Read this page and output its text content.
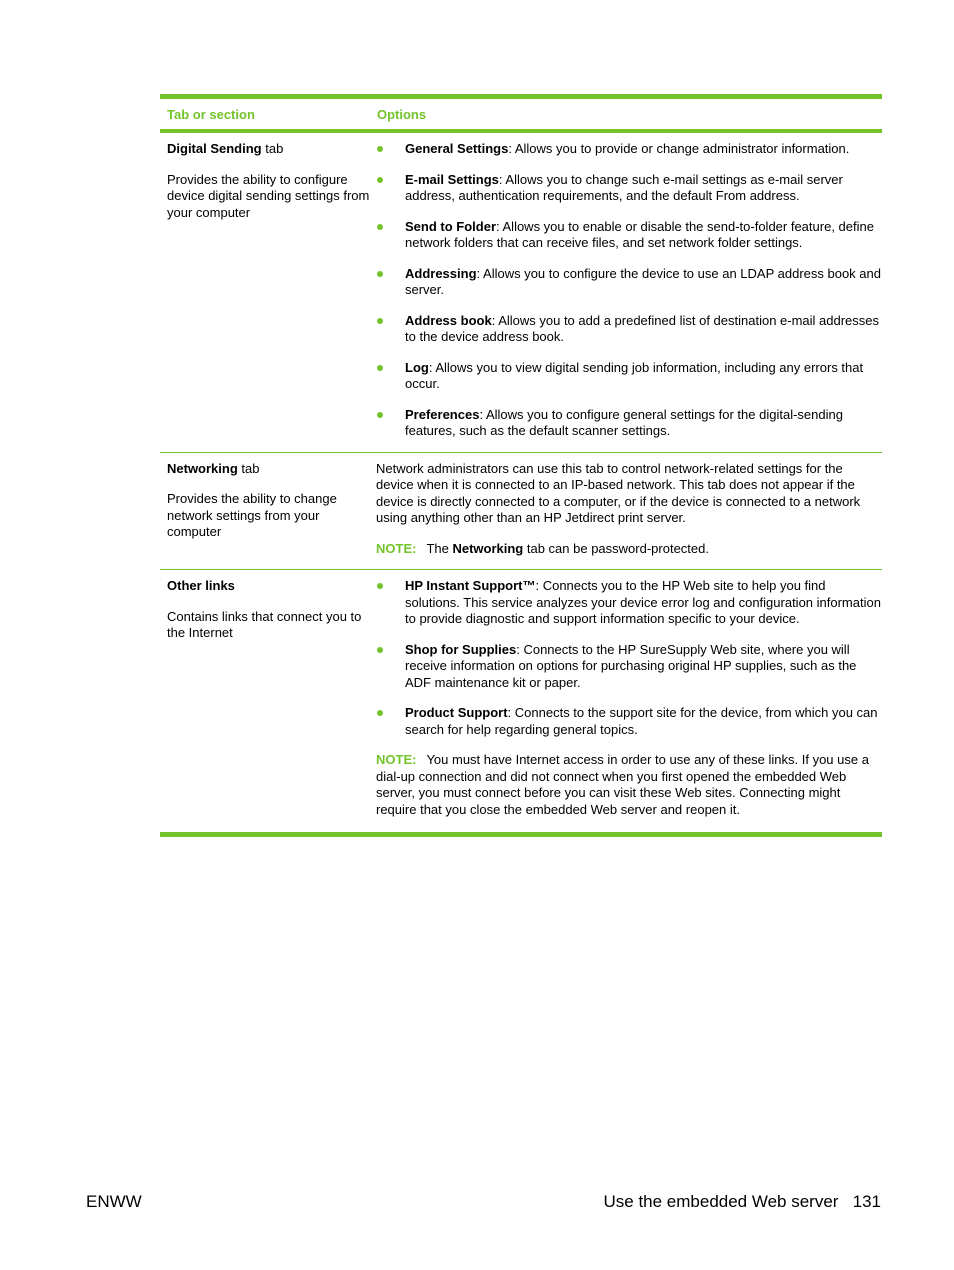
Tab or section	Options

Digital Sending tab

Provides the ability to configure device digital sending settings from your computer

General Settings: Allows you to provide or change administrator information.
E-mail Settings: Allows you to change such e-mail settings as e-mail server address, authentication requirements, and the default From address.
Send to Folder: Allows you to enable or disable the send-to-folder feature, define network folders that can receive files, and set network folder settings.
Addressing: Allows you to configure the device to use an LDAP address book and server.
Address book: Allows you to add a predefined list of destination e-mail addresses to the device address book.
Log: Allows you to view digital sending job information, including any errors that occur.
Preferences: Allows you to configure general settings for the digital-sending features, such as the default scanner settings.

Networking tab

Provides the ability to change network settings from your computer

Network administrators can use this tab to control network-related settings for the device when it is connected to an IP-based network. This tab does not appear if the device is directly connected to a computer, or if the device is connected to a network using anything other than an HP Jetdirect print server.

NOTE: The Networking tab can be password-protected.

Other links

Contains links that connect you to the Internet

HP Instant Support™: Connects you to the HP Web site to help you find solutions. This service analyzes your device error log and configuration information to provide diagnostic and support information specific to your device.
Shop for Supplies: Connects to the HP SureSupply Web site, where you will receive information on options for purchasing original HP supplies, such as the ADF maintenance kit or paper.
Product Support: Connects to the support site for the device, from which you can search for help regarding general topics.

NOTE: You must have Internet access in order to use any of these links. If you use a dial-up connection and did not connect when you first opened the embedded Web server, you must connect before you can visit these Web sites. Connecting might require that you close the embedded Web server and reopen it.

ENWW	Use the embedded Web server   131
